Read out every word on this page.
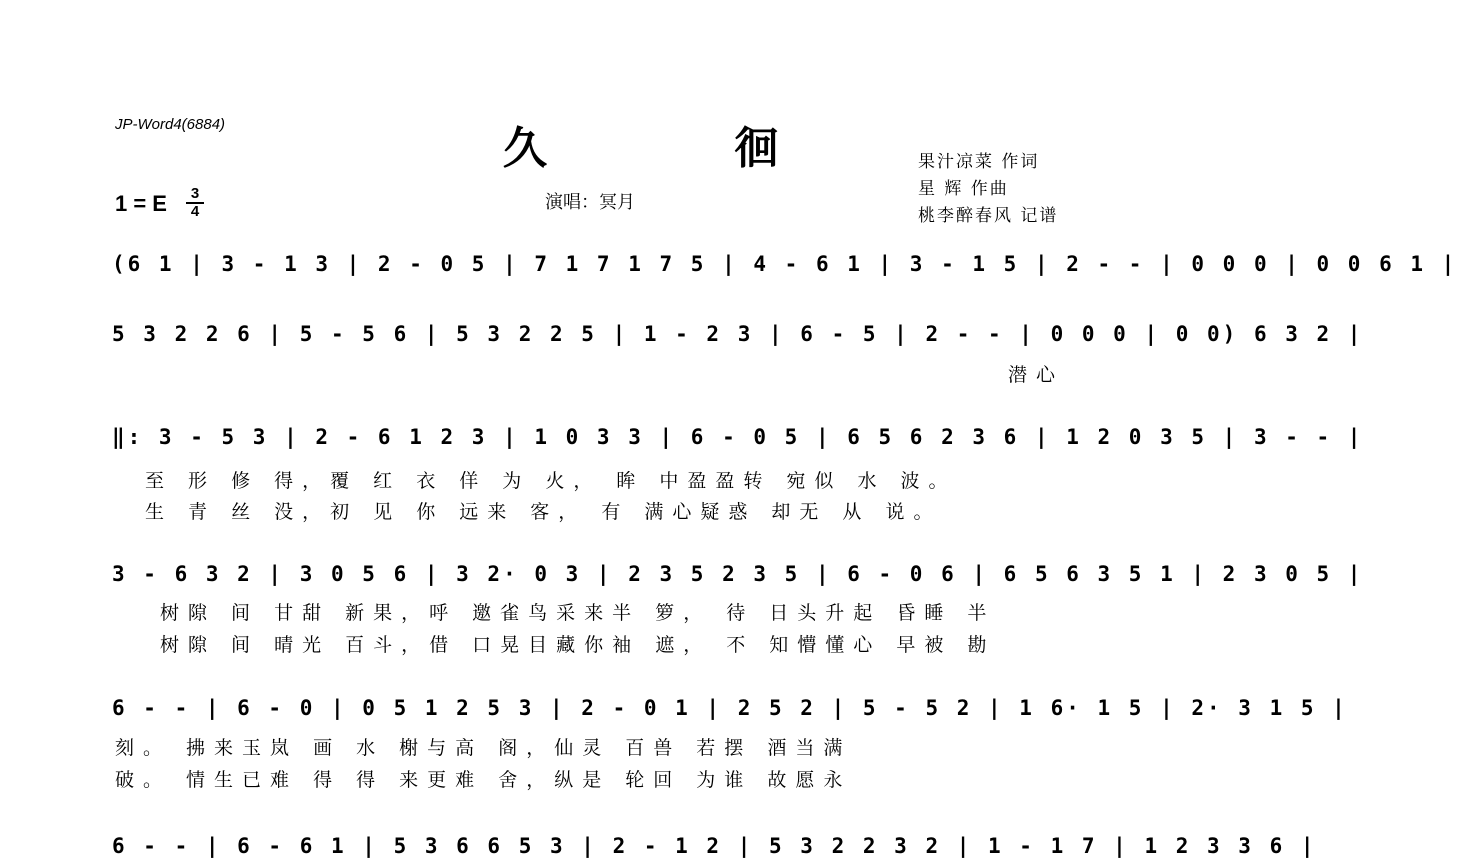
JP-Word4(6884)	久 徊
演唱：冥月
果汁凉菜 作词
星 辉 作曲
桃李醉春风 记谱
1 = E	3
4
(6 1 | 3 - 1 3 | 2 - 0 5 | 7 1 7 1 7 5 | 4 - 6 1 | 3 - 1 5 | 2 - - | 0 0 0 | 0 0 6 1 |
5 3 2 2 6 | 5 - 5 6 | 5 3 2 2 5 | 1 - 2 3 | 6 - 5 | 2 - - | 0 0 0 | 0 0) 6 3 2 |
潜心
‖: 3 - 5 3 | 2 - 6 1 2 3 | 1 0 3 3 | 6 - 0 5 | 6 5 6 2 3 6 | 1 2 0 3 5 | 3 - - |
至 形 修 得，覆 红 衣 佯 为 火， 眸 中盈盈转 宛似 水 波。
生 青 丝 没，初 见 你 远来 客， 有 满心疑惑 却无 从 说。
3 - 6 3 2 | 3 0 5 6 | 3 2· 0 3 | 2 3 5 2 3 5 | 6 - 0 6 | 6 5 6 3 5 1 | 2 3 0 5 |
树隙 间 甘甜 新果，呼 邀雀鸟采来半 箩， 待 日头升起 昏睡 半
树隙 间 晴光 百斗，借 口晃目藏你袖 遮， 不 知懵懂心 早被 勘
6 - - | 6 - 0 | 0 5 1 2 5 3 | 2 - 0 1 | 2 5 2 | 5 - 5 2 | 1 6· 1 5 | 2· 3 1 5 |
刻。 拂来玉岚 画 水 榭与高 阁，仙灵 百兽 若摆 酒当满
破。 情生已难 得 得 来更难 舍，纵是 轮回 为谁 故愿永
6 - - | 6 - 6 1 | 5 3 6 6 5 3 | 2 - 1 2 | 5 3 2 2 3 2 | 1 - 1 7 | 1 2 3 3 6 |
